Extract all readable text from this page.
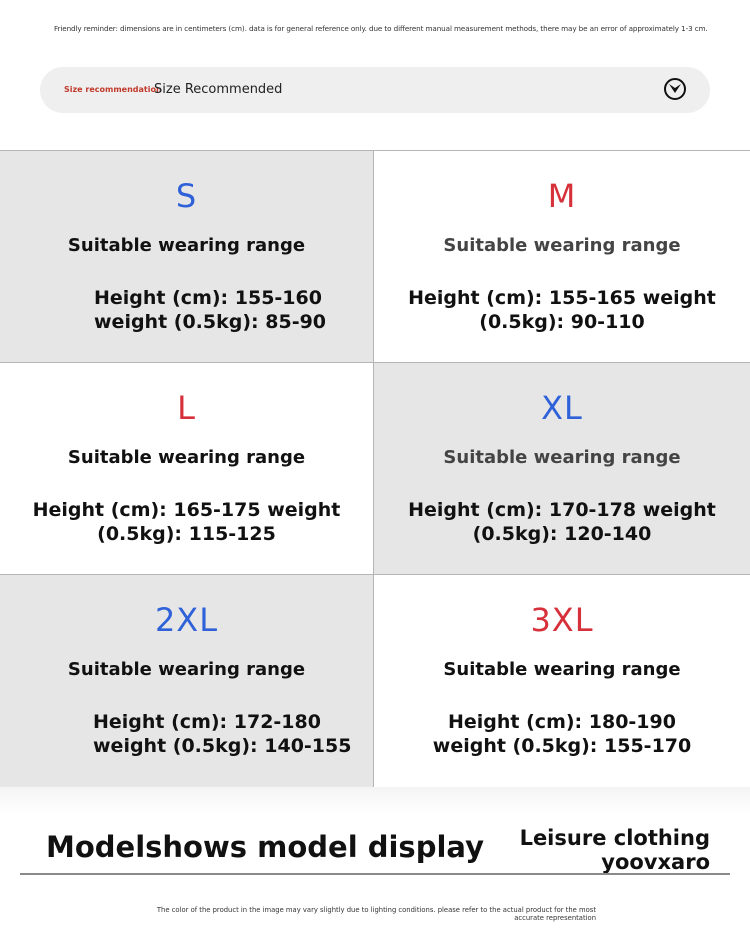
Friendly reminder: dimensions are in centimeters (cm). data is for general reference only. due to different manual measurement methods, there may be an error of approximately 1-3 cm.
Size recommendation
Size Recommended
S
Suitable wearing range
Height (cm): 155-160
weight (0.5kg): 85-90
M
Suitable wearing range
Height (cm): 155-165 weight
(0.5kg): 90-110
L
Suitable wearing range
Height (cm): 165-175 weight
(0.5kg): 115-125
XL
Suitable wearing range
Height (cm): 170-178 weight
(0.5kg): 120-140
2XL
Suitable wearing range
Height (cm): 172-180
weight (0.5kg): 140-155
3XL
Suitable wearing range
Height (cm): 180-190
weight (0.5kg): 155-170
Modelshows model display Leisure clothing
yoovxaro
The color of the product in the image may vary slightly due to lighting conditions. please refer to the actual product for the most accurate representation
